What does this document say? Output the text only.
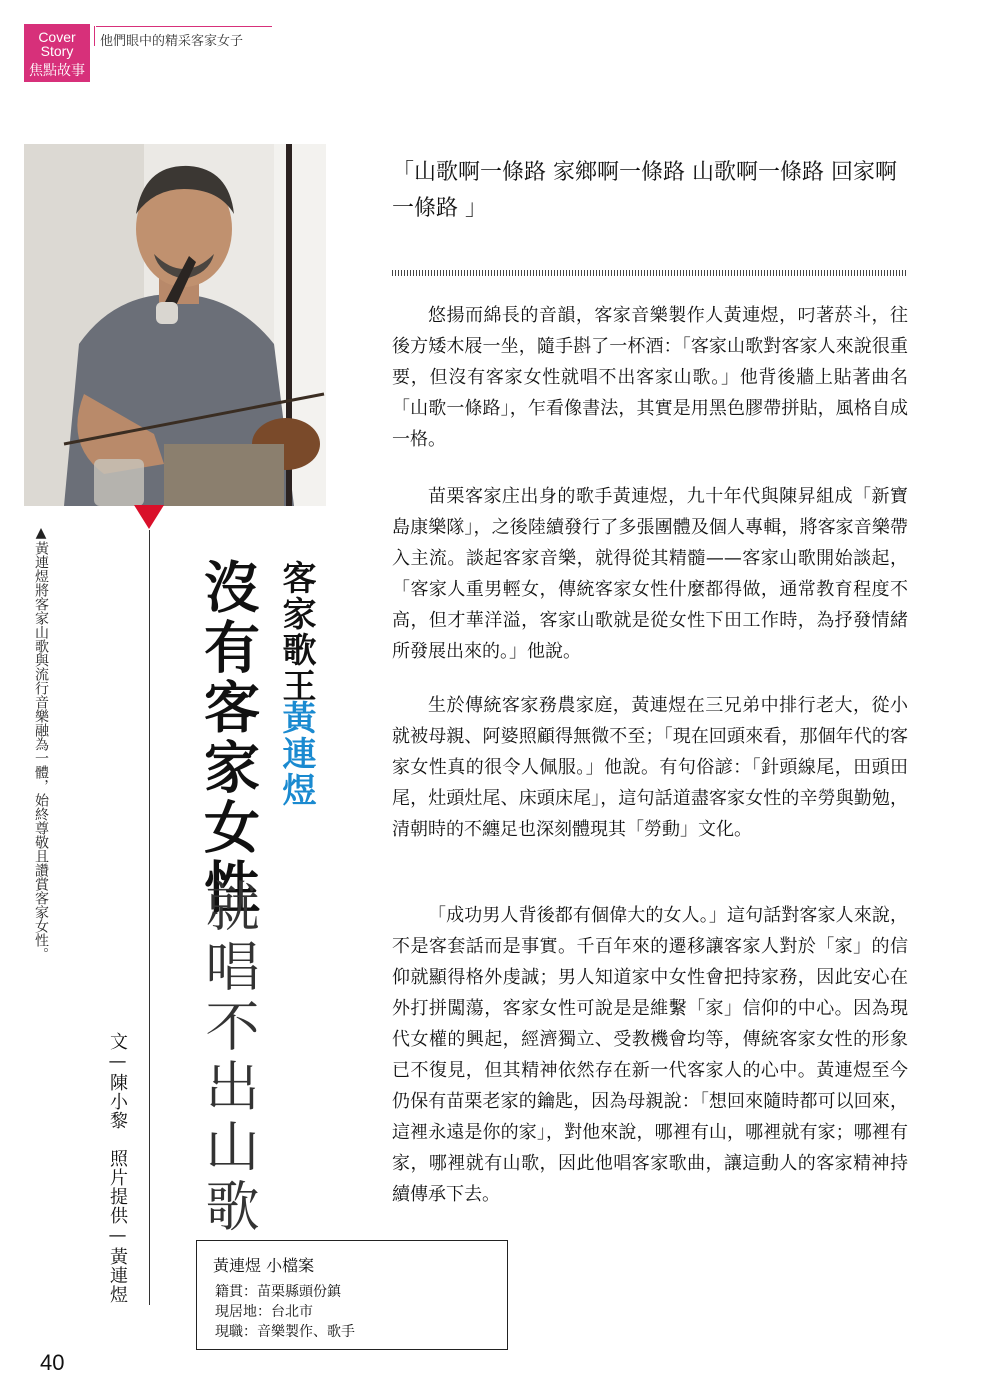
Cover
Story
焦點故事
他們眼中的精采客家女子
▲黃連煜將客家山歌與流行音樂融為一體，始終尊敬且讚賞客家女性。	客家歌王
黃連煜
沒有客家女性
就唱不出山歌
文—陳小黎　照片提供—黃連煜
「山歌啊一條路 家鄉啊一條路 山歌啊一條路 回家啊一條路 」

悠揚而綿長的音韻，客家音樂製作人黃連煜，叼著菸斗，往後方矮木屐一坐，隨手斟了一杯酒：「客家山歌對客家人來說很重要，但沒有客家女性就唱不出客家山歌。」他背後牆上貼著曲名「山歌一條路」，乍看像書法，其實是用黑色膠帶拼貼，風格自成一格。

苗栗客家庄出身的歌手黃連煜，九十年代與陳昇組成「新寶島康樂隊」，之後陸續發行了多張團體及個人專輯，將客家音樂帶入主流。談起客家音樂，就得從其精髓——客家山歌開始談起，「客家人重男輕女，傳統客家女性什麼都得做，通常教育程度不高，但才華洋溢，客家山歌就是從女性下田工作時，為抒發情緒所發展出來的。」他說。

生於傳統客家務農家庭，黃連煜在三兄弟中排行老大，從小就被母親、阿婆照顧得無微不至；「現在回頭來看，那個年代的客家女性真的很令人佩服。」他說。有句俗諺：「針頭線尾，田頭田尾，灶頭灶尾、床頭床尾」，這句話道盡客家女性的辛勞與勤勉，清朝時的不纏足也深刻體現其「勞動」文化。

「成功男人背後都有個偉大的女人。」這句話對客家人來說，不是客套話而是事實。千百年來的遷移讓客家人對於「家」的信仰就顯得格外虔誠；男人知道家中女性會把持家務，因此安心在外打拼闖蕩，客家女性可說是是維繫「家」信仰的中心。因為現代女權的興起，經濟獨立、受教機會均等，傳統客家女性的形象已不復見，但其精神依然存在新一代客家人的心中。黃連煜至今仍保有苗栗老家的鑰匙，因為母親說：「想回來隨時都可以回來，這裡永遠是你的家」，對他來說，哪裡有山，哪裡就有家；哪裡有家，哪裡就有山歌，因此他唱客家歌曲，讓這動人的客家精神持續傳承下去。

黃連煜 小檔案
籍貫：苗栗縣頭份鎮
現居地：台北市
現職：音樂製作、歌手
40
